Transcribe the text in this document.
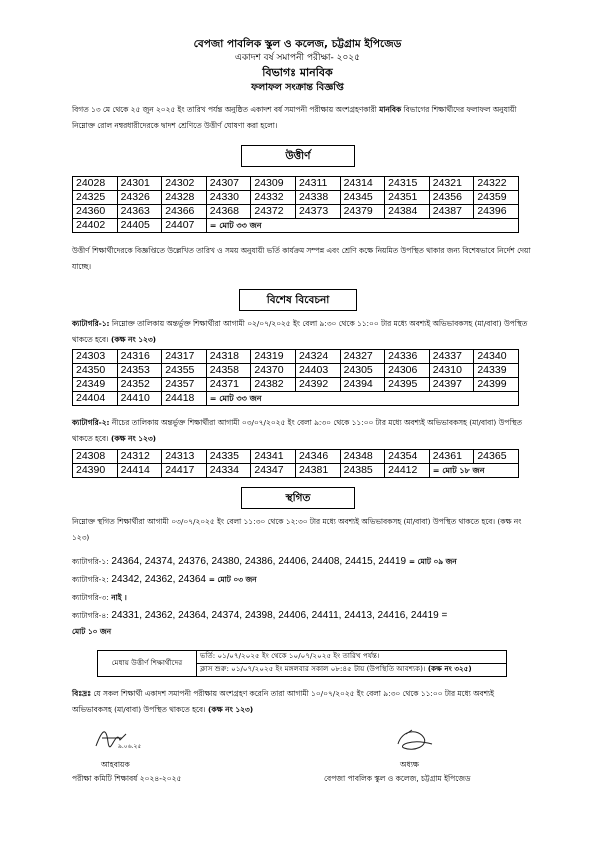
বেপজা পাবলিক স্কুল ও কলেজ, চট্টগ্রাম ইপিজেড
একাদশ বর্ষ সমাপনী পরীক্ষা- ২০২৫
বিভাগঃ মানবিক
ফলাফল সংক্রান্ত বিজ্ঞপ্তি
বিগত ১৩ মে থেকে ২৫ জুন ২০২৫ ইং তারিখ পর্যন্ত অনুষ্ঠিত একাদশ বর্ষ সমাপনী পরীক্ষায় অংশগ্রহণকারী মানবিক বিভাগের শিক্ষার্থীদের ফলাফল অনুযায়ী নিম্নোক্ত রোল নম্বরধারীদেরকে দ্বাদশ শ্রেণিতে উত্তীর্ণ ঘোষণা করা হলো।
উত্তীর্ণ
24028	24301	24302	24307	24309	24311	24314	24315	24321	24322
24325	24326	24328	24330	24332	24338	24345	24351	24356	24359
24360	24363	24366	24368	24372	24373	24379	24384	24387	24396
24402	24405	24407	= মোট ৩৩ জন						
উত্তীর্ণ শিক্ষার্থীদেরকে বিজ্ঞপ্তিতে উল্লেখিত তারিখ ও সময় অনুযায়ী ভর্তি কার্যক্রম সম্পন্ন এবং শ্রেণি কক্ষে নিয়মিত উপস্থিত থাকার জন্য বিশেষভাবে নির্দেশ দেয়া যাচ্ছে।
বিশেষ বিবেচনা
ক্যাটাগরি-১: নিম্নোক্ত তালিকায় অন্তর্ভুক্ত শিক্ষার্থীরা আগামী ০২/০৭/২০২৫ ইং বেলা ৯:৩০ থেকে ১১:০০ টার মধ্যে অবশ্যই অভিভাবকসহ (মা/বাবা) উপস্থিত থাকতে হবে। (কক্ষ নং ১২৩)
24303	24316	24317	24318	24319	24324	24327	24336	24337	24340
24350	24353	24355	24358	24370	24403	24305	24306	24310	24339
24349	24352	24357	24371	24382	24392	24394	24395	24397	24399
24404	24410	24418	= মোট ৩৩ জন						
ক্যাটাগরি-২: নীচের তালিকায় অন্তর্ভুক্ত শিক্ষার্থীরা আগামী ০৩/০৭/২০২৫ ইং বেলা ৯:৩০ থেকে ১১:০০ টার মধ্যে অবশ্যই অভিভাবকসহ (মা/বাবা) উপস্থিত থাকতে হবে। (কক্ষ নং ১২৩)
24308	24312	24313	24335	24341	24346	24348	24354	24361	24365
24390	24414	24417	24334	24347	24381	24385	24412	= মোট ১৮ জন	
স্থগিত
নিম্নোক্ত স্থগিত শিক্ষার্থীরা আগামী ০৩/০৭/২০২৫ ইং বেলা ১১:৩০ থেকে ১২:৩০ টার মধ্যে অবশ্যই অভিভাবকসহ (মা/বাবা) উপস্থিত থাকতে হবে। (কক্ষ নং ১২৩)
ক্যাটাগরি-১: 24364, 24374, 24376, 24380, 24386, 24406, 24408, 24415, 24419 = মোট ০৯ জন
ক্যাটাগরি-২: 24342, 24362, 24364 = মোট ০৩ জন
ক্যাটাগরি-৩: নাই ।
ক্যাটাগরি-৪: 24331, 24362, 24364, 24374, 24398, 24406, 24411, 24413, 24416, 24419 =
মোট ১০ জন
মেধায় উত্তীর্ণ শিক্ষার্থীদের	ভর্তি: ০১/০৭/২০২৫ ইং থেকে ১০/০৭/২০২৫ ইং তারিখ পর্যন্ত।
ক্লাস শুরু: ০১/০৭/২০২৫ ইং মঙ্গলবার সকাল ০৮:৪৫ টায় (উপস্থিতি আবশ্যক)। (কক্ষ নং ৩২৫)
বিঃদ্রঃ যে সকল শিক্ষার্থী একাদশ সমাপনী পরীক্ষায় অংশগ্রহণ করেনি তারা আগামী ১০/০৭/২০২৫ ইং বেলা ৯:৩০ থেকে ১১:০০ টার মধ্যে অবশ্যই অভিভাবকসহ (মা/বাবা) উপস্থিত থাকতে হবে। (কক্ষ নং ১২৩)
৯.০৬.২৫
আহবায়ক
পরীক্ষা কমিটি শিক্ষাবর্ষ ২০২৪-২০২৫
অধ্যক্ষ
বেপজা পাবলিক স্কুল ও কলেজ, চট্টগ্রাম ইপিজেড
